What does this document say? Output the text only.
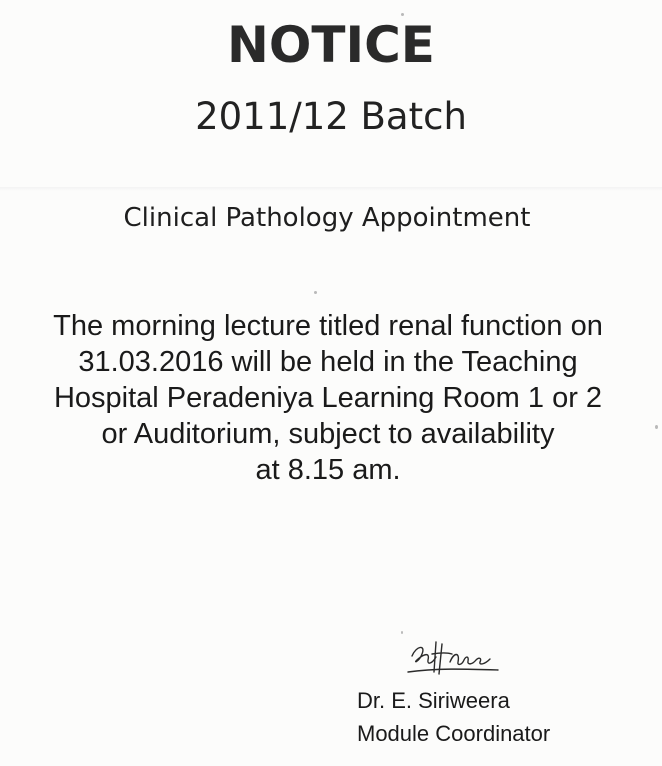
NOTICE
2011/12 Batch
Clinical Pathology Appointment

The morning lecture titled renal function on
31.03.2016 will be held in the Teaching
Hospital Peradeniya Learning Room 1 or 2
or Auditorium, subject to availability
at 8.15 am.

Dr. E. Siriweera
Module Coordinator
